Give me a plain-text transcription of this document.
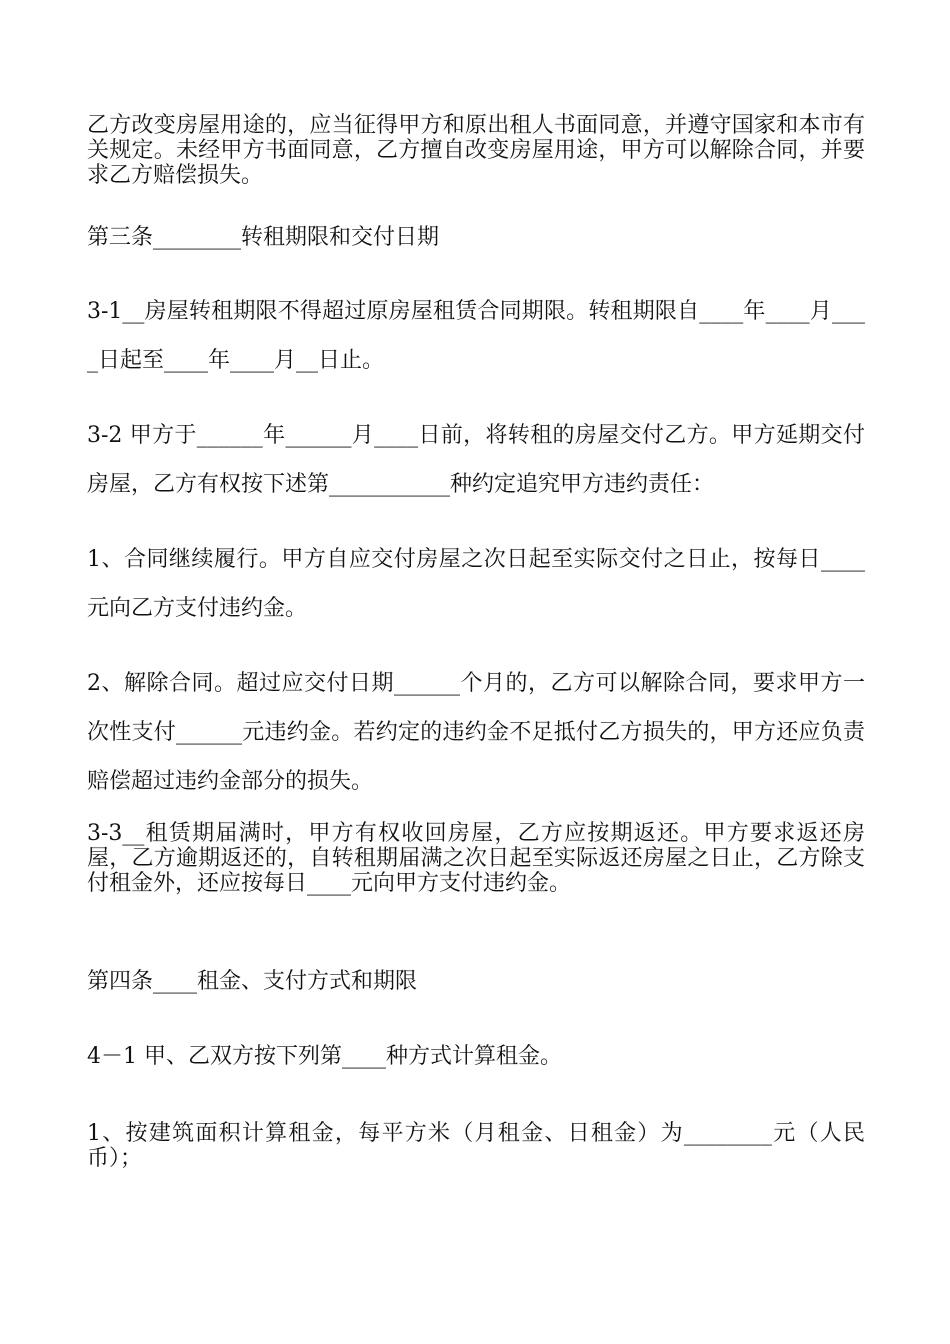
乙方改变房屋用途的，应当征得甲方和原出租人书面同意，并遵守国家和本市有关规定。未经甲方书面同意，乙方擅自改变房屋用途，甲方可以解除合同，并要求乙方赔偿损失。

第三条________转租期限和交付日期

3-1__房屋转租期限不得超过原房屋租赁合同期限。转租期限自____年____月____日起至____年____月__日止。

3-2 甲方于______年______月____日前，将转租的房屋交付乙方。甲方延期交付房屋，乙方有权按下述第___________种约定追究甲方违约责任：

1、合同继续履行。甲方自应交付房屋之次日起至实际交付之日止，按每日____元向乙方支付违约金。

2、解除合同。超过应交付日期______个月的，乙方可以解除合同，要求甲方一次性支付______元违约金。若约定的违约金不足抵付乙方损失的，甲方还应负责赔偿超过违约金部分的损失。

3-3__租赁期届满时，甲方有权收回房屋，乙方应按期返还。甲方要求返还房屋，乙方逾期返还的，自转租期届满之次日起至实际返还房屋之日止，乙方除支付租金外，还应按每日____元向甲方支付违约金。

第四条____租金、支付方式和期限

4－1 甲、乙双方按下列第____种方式计算租金。

1、按建筑面积计算租金，每平方米（月租金、日租金）为________元（人民币）；
